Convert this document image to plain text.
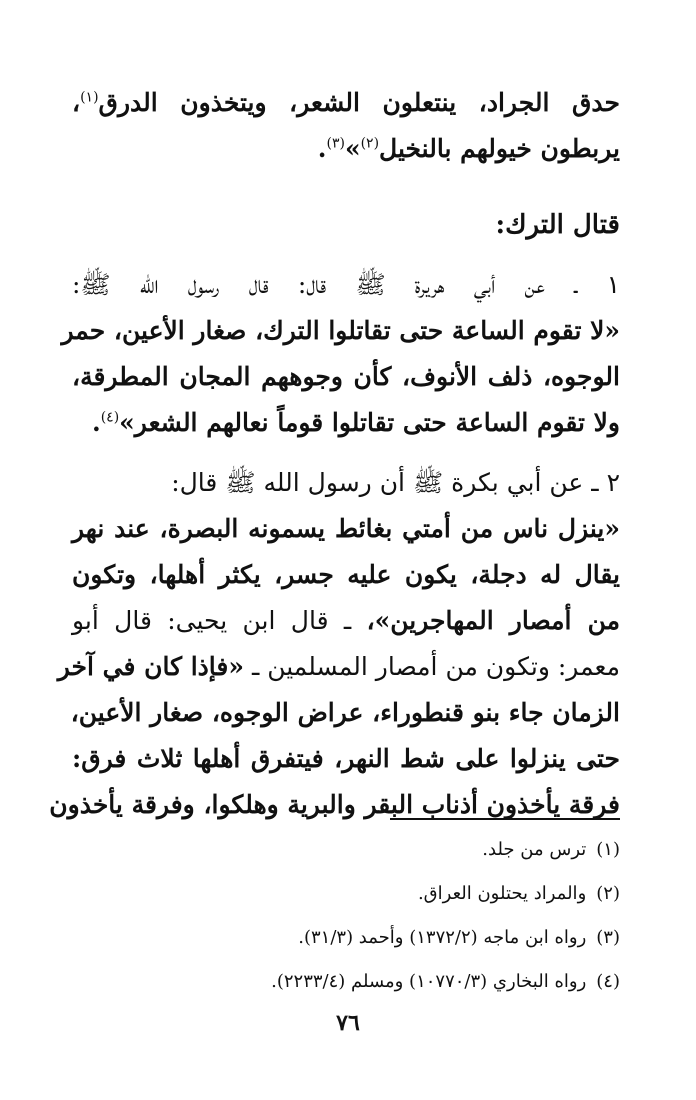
حدق الجراد، ينتعلون الشعر، ويتخذون الدرق$^{(١)}$،
يربطون خيولهم بالنخيل$^{(٢)}$»$^{(٣)}$.
قتال الترك:
١ ـ عن أبي هريرة ﷺ قال: قال رسول الله ﷺ:
«لا تقوم الساعة حتى تقاتلوا الترك، صغار الأعين، حمر
الوجوه، ذلف الأنوف، كأن وجوههم المجان المطرقة،
ولا تقوم الساعة حتى تقاتلوا قوماً نعالهم الشعر»$^{(٤)}$.
٢ ـ عن أبي بكرة ﷺ أن رسول الله ﷺ قال:
«ينزل ناس من أمتي بغائط يسمونه البصرة، عند نهر
يقال له دجلة، يكون عليه جسر، يكثر أهلها، وتكون
من أمصار المهاجرين»، ـ قال ابن يحيى: قال أبو
معمر: وتكون من أمصار المسلمين ـ «فإذا كان في آخر
الزمان جاء بنو قنطوراء، عراض الوجوه، صغار الأعين،
حتى ينزلوا على شط النهر، فيتفرق أهلها ثلاث فرق:
فرقة يأخذون أذناب البقر والبرية وهلكوا، وفرقة يأخذون
(١)ترس من جلد.
(٢)والمراد يحتلون العراق.
(٣)رواه ابن ماجه (١٣٧٢/٢) وأحمد (٣١/٣).
(٤)رواه البخاري (١٠٧٧٠/٣) ومسلم (٢٢٣٣/٤).
٧٦
